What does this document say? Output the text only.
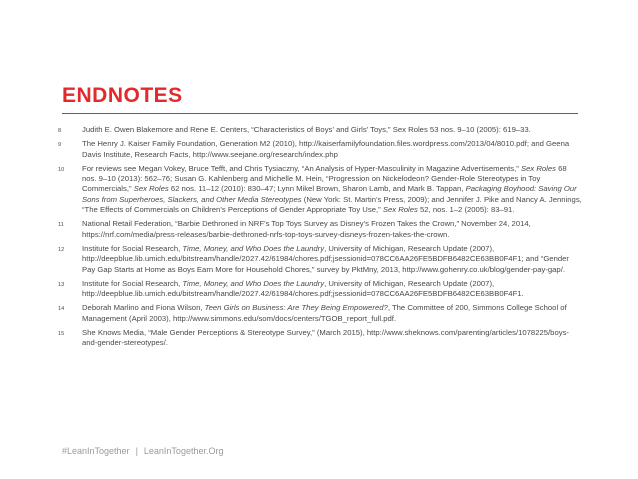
ENDNOTES
8	Judith E. Owen Blakemore and Rene E. Centers, “Characteristics of Boys’ and Girls’ Toys,” Sex Roles 53 nos. 9–10 (2005): 619–33.
9	The Henry J. Kaiser Family Foundation, Generation M2 (2010), http://kaiserfamilyfoundation.files.wordpress.com/2013/04/8010.pdf; and Geena Davis Institute, Research Facts, http://www.seejane.org/research/index.php
10	For reviews see Megan Vokey, Bruce Tefft, and Chris Tysiaczny, “An Analysis of Hyper-Masculinity in Magazine Advertisements,” Sex Roles 68 nos. 9–10 (2013): 562–76; Susan G. Kahlenberg and Michelle M. Hein, “Progression on Nickelodeon? Gender-Role Stereotypes in Toy Commercials,” Sex Roles 62 nos. 11–12 (2010): 830–47; Lynn Mikel Brown, Sharon Lamb, and Mark B. Tappan, Packaging Boyhood: Saving Our Sons from Superheroes, Slackers, and Other Media Stereotypes (New York: St. Martin’s Press, 2009); and Jennifer J. Pike and Nancy A. Jennings, “The Effects of Commercials on Children’s Perceptions of Gender Appropriate Toy Use,” Sex Roles 52, nos. 1–2 (2005): 83–91.
11	National Retail Federation, “Barbie Dethroned in NRF’s Top Toys Survey as Disney’s Frozen Takes the Crown,” November 24, 2014, https://nrf.com/media/press-releases/barbie-dethroned-nrfs-top-toys-survey-disneys-frozen-takes-the-crown.
12	Institute for Social Research, Time, Money, and Who Does the Laundry, University of Michigan, Research Update (2007), http://deepblue.lib.umich.edu/bitstream/handle/2027.42/61984/chores.pdf;jsessionid=078CC6AA26FE5BDFB6482CE63BB0F4F1; and “Gender Pay Gap Starts at Home as Boys Earn More for Household Chores,” survey by PktMny, 2013, http://www.gohenry.co.uk/blog/gender-pay-gap/.
13	Institute for Social Research, Time, Money, and Who Does the Laundry, University of Michigan, Research Update (2007), http://deepblue.lib.umich.edu/bitstream/handle/2027.42/61984/chores.pdf;jsessionid=078CC6AA26FE5BDFB6482CE63BB0F4F1.
14	Deborah Marlino and Fiona Wilson, Teen Girls on Business: Are They Being Empowered?, The Committee of 200, Simmons College School of Management (April 2003), http://www.simmons.edu/som/docs/centers/TGOB_report_full.pdf.
15	She Knows Media, “Male Gender Perceptions & Stereotype Survey,” (March 2015), http://www.sheknows.com/parenting/articles/1078225/boys-and-gender-stereotypes/.
#LeanInTogether | LeanInTogether.Org
